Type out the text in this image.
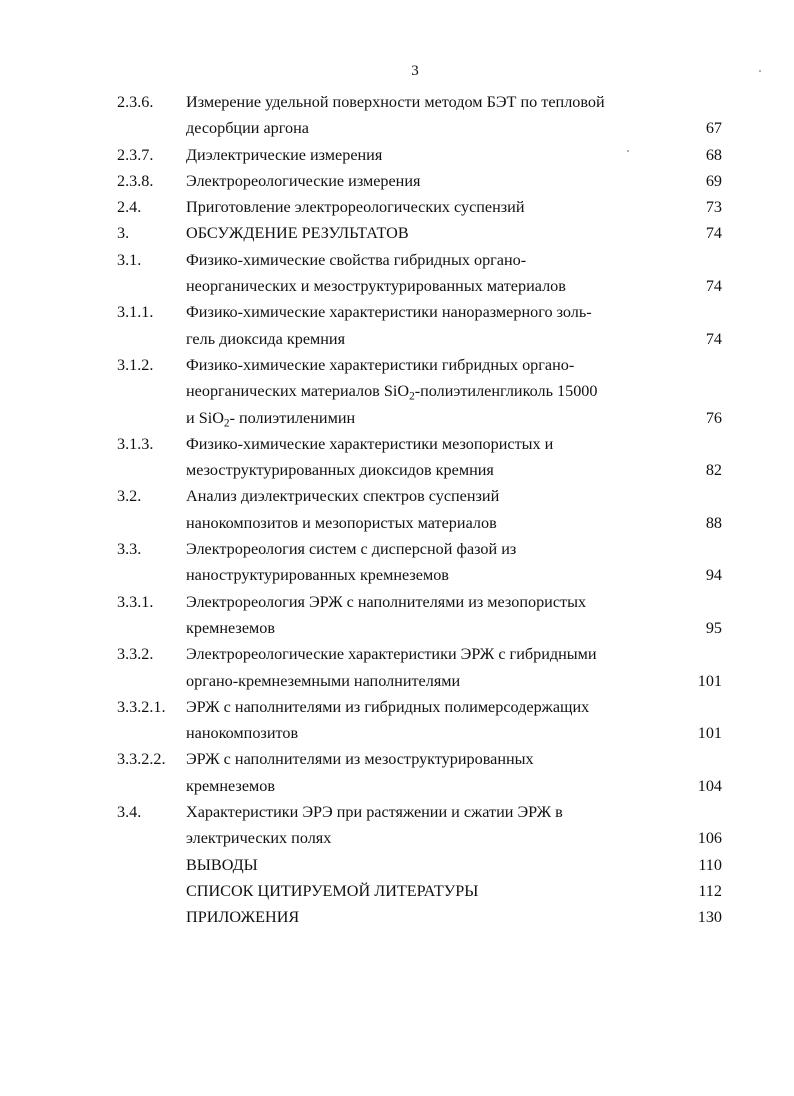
3
2.3.6. Измерение удельной поверхности методом БЭТ по тепловой
десорбции аргона	67
2.3.7. Диэлектрические измерения	68
2.3.8. Электрореологические измерения	69
2.4.	Приготовление электрореологических суспензий	73
3.	ОБСУЖДЕНИЕ РЕЗУЛЬТАТОВ	74
3.1.	Физико-химические свойства гибридных органо-
неорганических и мезоструктурированных материалов	74
3.1.1. Физико-химические характеристики наноразмерного золь-
гель диоксида кремния	74
3.1.2. Физико-химические характеристики гибридных органо-
неорганических материалов SiO$_2$-полиэтиленгликоль 15000
и SiO$_2$- полиэтиленимин	76
3.1.3. Физико-химические характеристики мезопористых и
мезоструктурированных диоксидов кремния	82
3.2.	Анализ диэлектрических спектров суспензий
нанокомпозитов и мезопористых материалов	88
3.3.	Электрореология систем с дисперсной фазой из
наноструктурированных кремнеземов	94
3.3.1. Электрореология ЭРЖ с наполнителями из мезопористых
кремнеземов	95
3.3.2. Электрореологические характеристики ЭРЖ с гибридными
органо-кремнеземными наполнителями	101
3.3.2.1. ЭРЖ с наполнителями из гибридных полимерсодержащих
нанокомпозитов	101
3.3.2.2. ЭРЖ с наполнителями из мезоструктурированных
кремнеземов	104
3.4.	Характеристики ЭРЭ при растяжении и сжатии ЭРЖ в
электрических полях	106
ВЫВОДЫ	110
СПИСОК ЦИТИРУЕМОЙ ЛИТЕРАТУРЫ	112
ПРИЛОЖЕНИЯ	130
